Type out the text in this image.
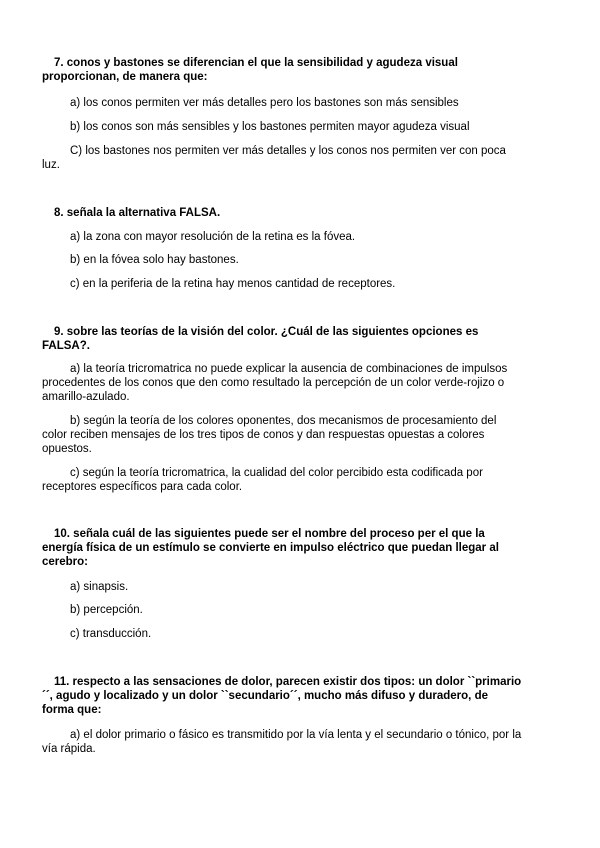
7. conos y bastones se diferencian el que la sensibilidad y agudeza visual proporcionan, de manera que:

a) los conos permiten ver más detalles pero los bastones son más sensibles

b) los conos son más sensibles y los bastones permiten mayor agudeza visual

C) los bastones nos permiten ver más detalles y los conos nos permiten ver con poca luz.

8. señala la alternativa FALSA.

a) la zona con mayor resolución de la retina es la fóvea.

b) en la fóvea solo hay bastones.

c) en la periferia de la retina hay menos cantidad de receptores.

9. sobre las teorías de la visión del color. ¿Cuál de las siguientes opciones es FALSA?.

a) la teoría tricromatrica no puede explicar la ausencia de combinaciones de impulsos procedentes de los conos que den como resultado la percepción de un color verde-rojizo o amarillo-azulado.

b) según la teoría de los colores oponentes, dos mecanismos de procesamiento del color reciben mensajes de los tres tipos de conos y dan respuestas opuestas a colores opuestos.

c) según la teoría tricromatrica, la cualidad del color percibido esta codificada por receptores específicos para cada color.

10. señala cuál de las siguientes puede ser el nombre del proceso per el que la energía física de un estímulo se convierte en impulso eléctrico que puedan llegar al cerebro:

a) sinapsis.

b) percepción.

c) transducción.

11. respecto a las sensaciones de dolor, parecen existir dos tipos: un dolor ``primario´´, agudo y localizado y un dolor ``secundario´´, mucho más difuso y duradero, de forma que:

a) el dolor primario o fásico es transmitido por la vía lenta y el secundario o tónico, por la vía rápida.
